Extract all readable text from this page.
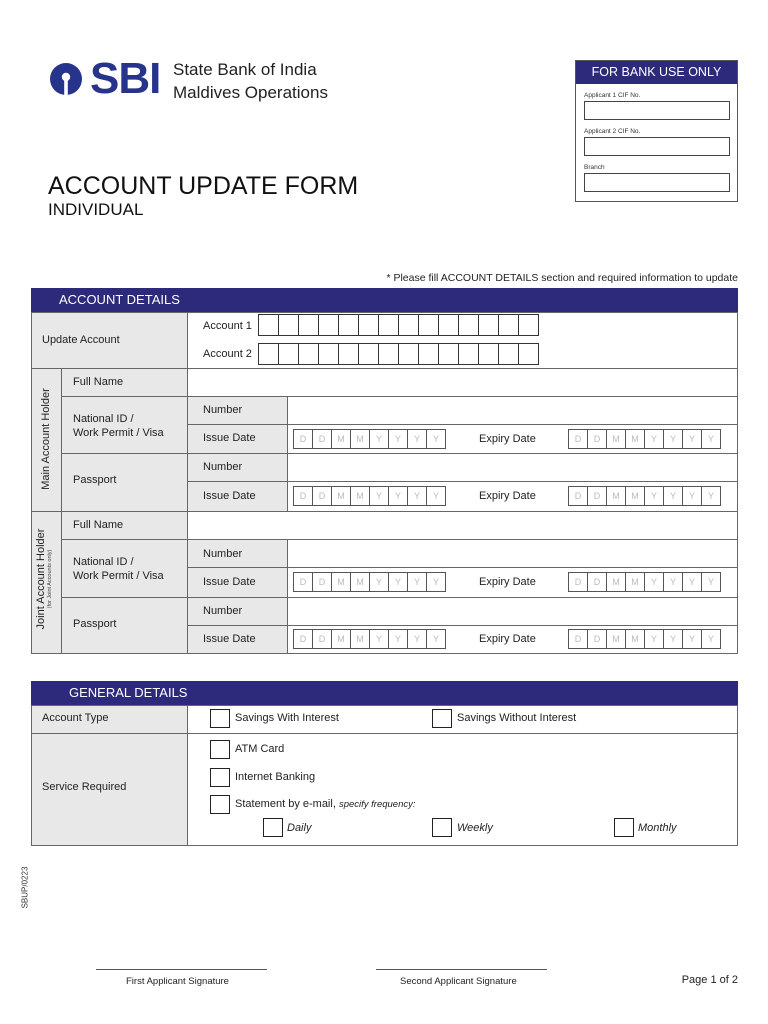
SBI State Bank of India
Maldives Operations
ACCOUNT UPDATE FORM
INDIVIDUAL
FOR BANK USE ONLY
Applicant 1 CIF No.
Applicant 2 CIF No.
Branch
* Please fill ACCOUNT DETAILS section and required information to update
ACCOUNT DETAILS
Update Account
Account 1
Account 2
Main Account Holder
Full Name
National ID /
Work Permit / Visa
Number
Issue Date	D	D	M	M	Y	Y	Y	Y	Expiry Date	D	D	M	M	Y	Y	Y	Y
Passport
Number
Issue Date	D	D	M	M	Y	Y	Y	Y	Expiry Date	D	D	M	M	Y	Y	Y	Y
Joint Account Holder (for Joint Accounts only)
Full Name
National ID /
Work Permit / Visa
Number
Issue Date	D	D	M	M	Y	Y	Y	Y	Expiry Date	D	D	M	M	Y	Y	Y	Y
Passport
Number
Issue Date	D	D	M	M	Y	Y	Y	Y	Expiry Date	D	D	M	M	Y	Y	Y	Y
GENERAL DETAILS
Account Type	Savings With Interest	Savings Without Interest
Service Required
ATM Card
Internet Banking
Statement by e-mail, specify frequency:
Daily	Weekly	Monthly
SBUP/0223
First Applicant Signature	Second Applicant Signature	Page 1 of 2
